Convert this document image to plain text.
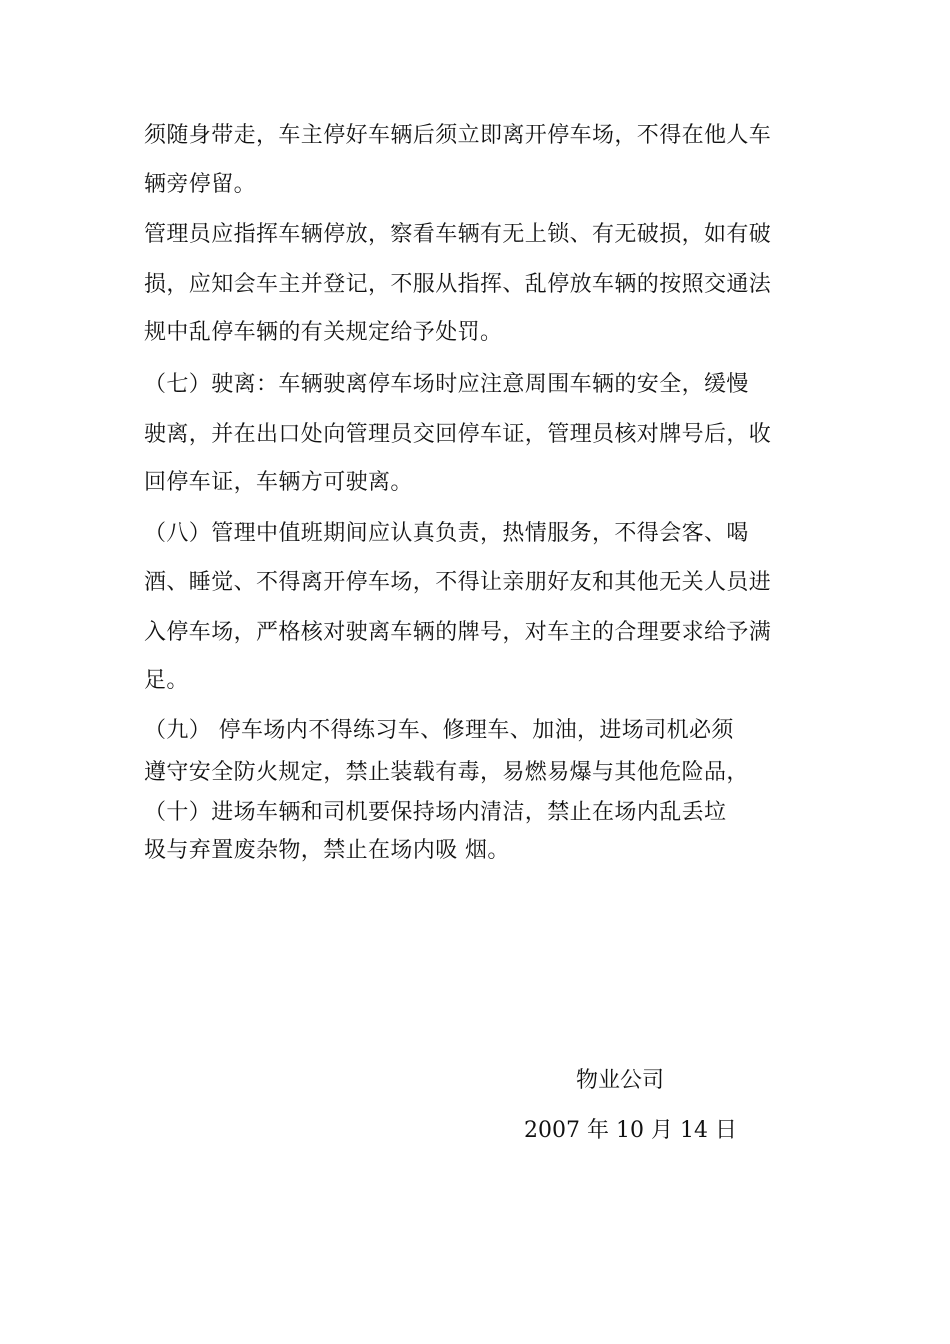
须随身带走，车主停好车辆后须立即离开停车场，不得在他人车
辆旁停留。
管理员应指挥车辆停放，察看车辆有无上锁、有无破损，如有破
损，应知会车主并登记，不服从指挥、乱停放车辆的按照交通法
规中乱停车辆的有关规定给予处罚。
（七）驶离：车辆驶离停车场时应注意周围车辆的安全，缓慢
驶离，并在出口处向管理员交回停车证，管理员核对牌号后，收
回停车证，车辆方可驶离。
（八）管理中值班期间应认真负责，热情服务，不得会客、喝
酒、睡觉、不得离开停车场，不得让亲朋好友和其他无关人员进
入停车场，严格核对驶离车辆的牌号，对车主的合理要求给予满
足。
（九） 停车场内不得练习车、修理车、加油，进场司机必须
遵守安全防火规定，禁止装载有毒，易燃易爆与其他危险品，
（十）进场车辆和司机要保持场内清洁，禁止在场内乱丢垃
圾与弃置废杂物，禁止在场内吸 烟。
物业公司
2007 年 10 月 14 日
